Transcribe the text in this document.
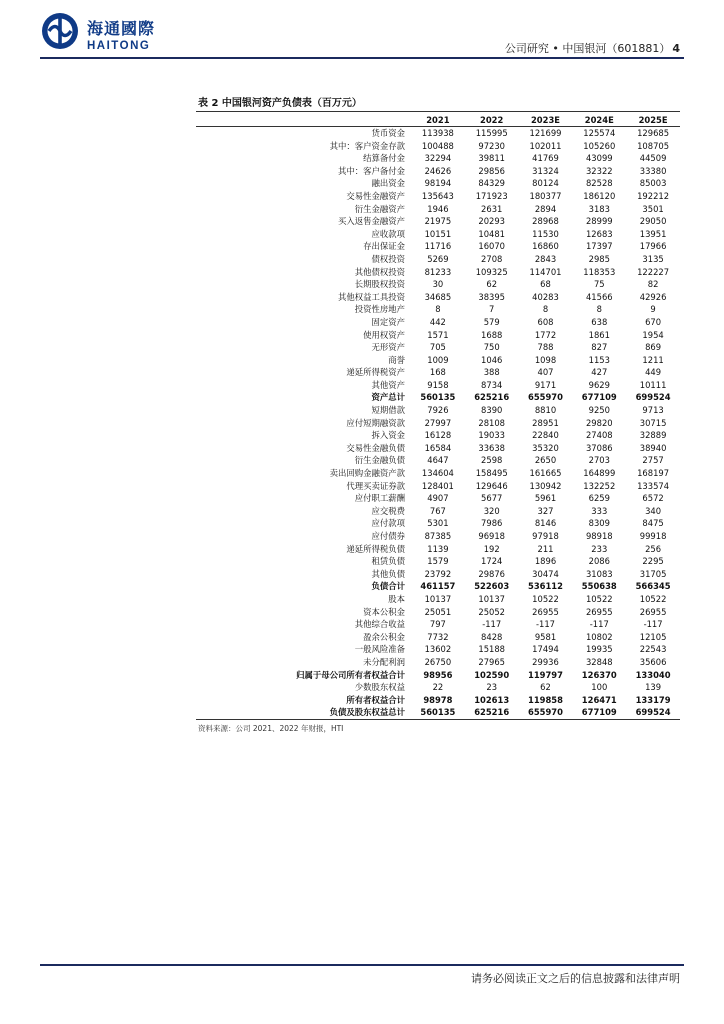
海通國際
HAITONG	公司研究 • 中国银河（601881） 4
表 2 中国银河资产负债表（百万元）
	2021	2022	2023E	2024E	2025E
货币资金	113938	115995	121699	125574	129685
其中：客户资金存款	100488	97230	102011	105260	108705
结算备付金	32294	39811	41769	43099	44509
其中：客户备付金	24626	29856	31324	32322	33380
融出资金	98194	84329	80124	82528	85003
交易性金融资产	135643	171923	180377	186120	192212
衍生金融资产	1946	2631	2894	3183	3501
买入返售金融资产	21975	20293	28968	28999	29050
应收款项	10151	10481	11530	12683	13951
存出保证金	11716	16070	16860	17397	17966
债权投资	5269	2708	2843	2985	3135
其他债权投资	81233	109325	114701	118353	122227
长期股权投资	30	62	68	75	82
其他权益工具投资	34685	38395	40283	41566	42926
投资性房地产	8	7	8	8	9
固定资产	442	579	608	638	670
使用权资产	1571	1688	1772	1861	1954
无形资产	705	750	788	827	869
商誉	1009	1046	1098	1153	1211
递延所得税资产	168	388	407	427	449
其他资产	9158	8734	9171	9629	10111
资产总计	560135	625216	655970	677109	699524
短期借款	7926	8390	8810	9250	9713
应付短期融资款	27997	28108	28951	29820	30715
拆入资金	16128	19033	22840	27408	32889
交易性金融负债	16584	33638	35320	37086	38940
衍生金融负债	4647	2598	2650	2703	2757
卖出回购金融资产款	134604	158495	161665	164899	168197
代理买卖证券款	128401	129646	130942	132252	133574
应付职工薪酬	4907	5677	5961	6259	6572
应交税费	767	320	327	333	340
应付款项	5301	7986	8146	8309	8475
应付债券	87385	96918	97918	98918	99918
递延所得税负债	1139	192	211	233	256
租赁负债	1579	1724	1896	2086	2295
其他负债	23792	29876	30474	31083	31705
负债合计	461157	522603	536112	550638	566345
股本	10137	10137	10522	10522	10522
资本公积金	25051	25052	26955	26955	26955
其他综合收益	797	-117	-117	-117	-117
盈余公积金	7732	8428	9581	10802	12105
一般风险准备	13602	15188	17494	19935	22543
未分配利润	26750	27965	29936	32848	35606
归属于母公司所有者权益合计	98956	102590	119797	126370	133040
少数股东权益	22	23	62	100	139
所有者权益合计	98978	102613	119858	126471	133179
负债及股东权益总计	560135	625216	655970	677109	699524
资料来源：公司 2021、2022 年财报，HTI
请务必阅读正文之后的信息披露和法律声明
